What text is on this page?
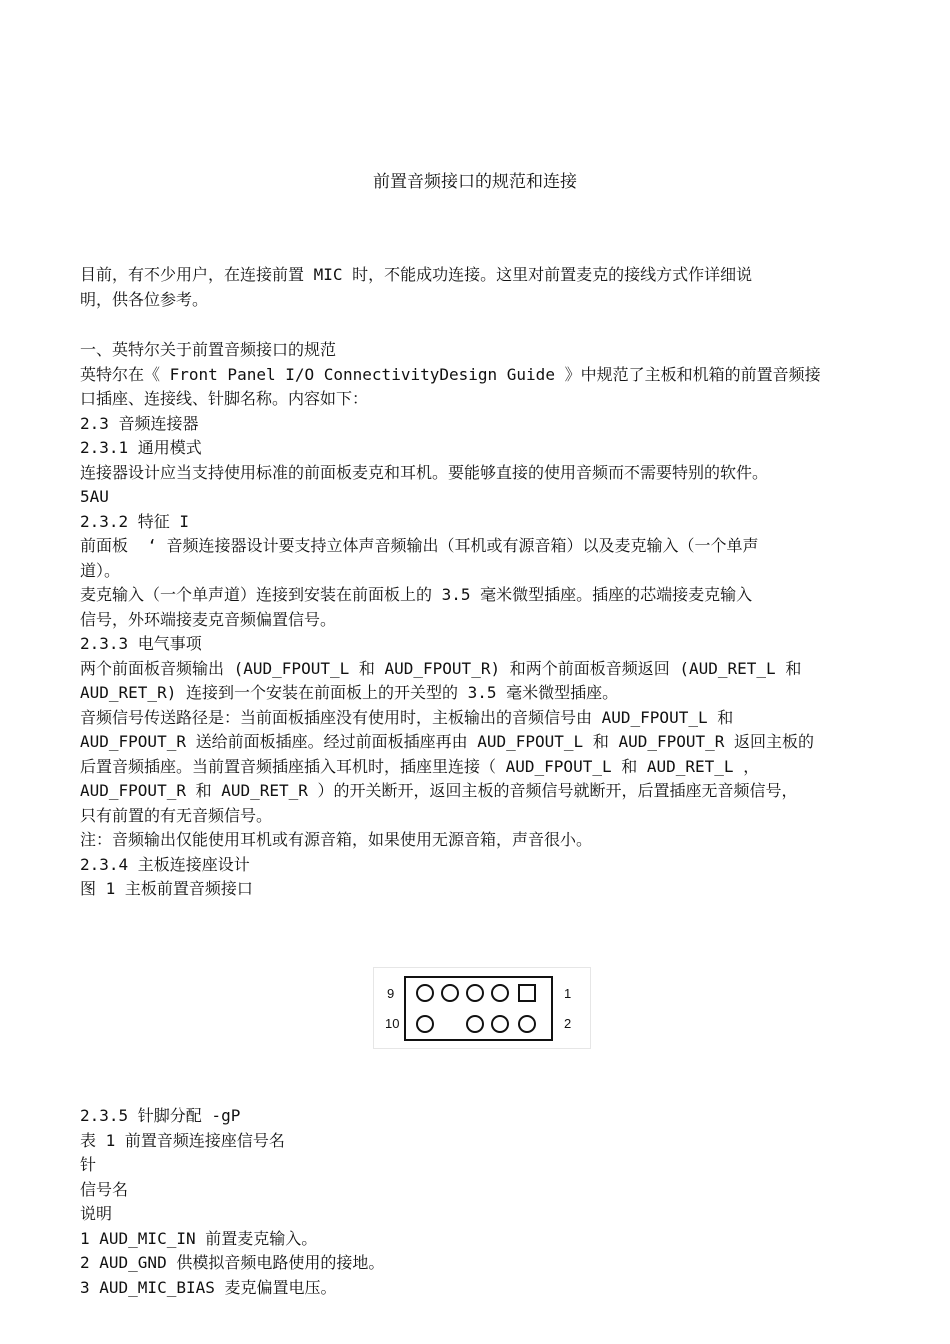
前置音频接口的规范和连接
目前，有不少用户，在连接前置 MIC 时，不能成功连接。这里对前置麦克的接线方式作详细说
明，供各位参考。
一、英特尔关于前置音频接口的规范
英特尔在《 Front Panel I/O ConnectivityDesign Guide 》中规范了主板和机箱的前置音频接
口插座、连接线、针脚名称。内容如下：
2.3 音频连接器
2.3.1 通用模式
连接器设计应当支持使用标准的前面板麦克和耳机。要能够直接的使用音频而不需要特别的软件。
5AU
2.3.2 特征 I
前面板  ‘ 音频连接器设计要支持立体声音频输出（耳机或有源音箱）以及麦克输入（一个单声
道）。
麦克输入（一个单声道）连接到安装在前面板上的 3.5 毫米微型插座。插座的芯端接麦克输入
信号，外环端接麦克音频偏置信号。
2.3.3 电气事项
两个前面板音频输出 (AUD_FPOUT_L 和 AUD_FPOUT_R) 和两个前面板音频返回 (AUD_RET_L 和
AUD_RET_R) 连接到一个安装在前面板上的开关型的 3.5 毫米微型插座。
音频信号传送路径是：当前面板插座没有使用时，主板输出的音频信号由 AUD_FPOUT_L 和
AUD_FPOUT_R 送给前面板插座。经过前面板插座再由 AUD_FPOUT_L 和 AUD_FPOUT_R 返回主板的
后置音频插座。当前置音频插座插入耳机时，插座里连接（ AUD_FPOUT_L 和 AUD_RET_L ，
AUD_FPOUT_R 和 AUD_RET_R ）的开关断开，返回主板的音频信号就断开，后置插座无音频信号，
只有前置的有无音频信号。
注：音频输出仅能使用耳机或有源音箱，如果使用无源音箱，声音很小。
2.3.4 主板连接座设计
图 1 主板前置音频接口
9
10
1
2
2.3.5 针脚分配 -gP
表 1 前置音频连接座信号名
针
信号名
说明
1 AUD_MIC_IN 前置麦克输入。
2 AUD_GND 供模拟音频电路使用的接地。
3 AUD_MIC_BIAS 麦克偏置电压。
